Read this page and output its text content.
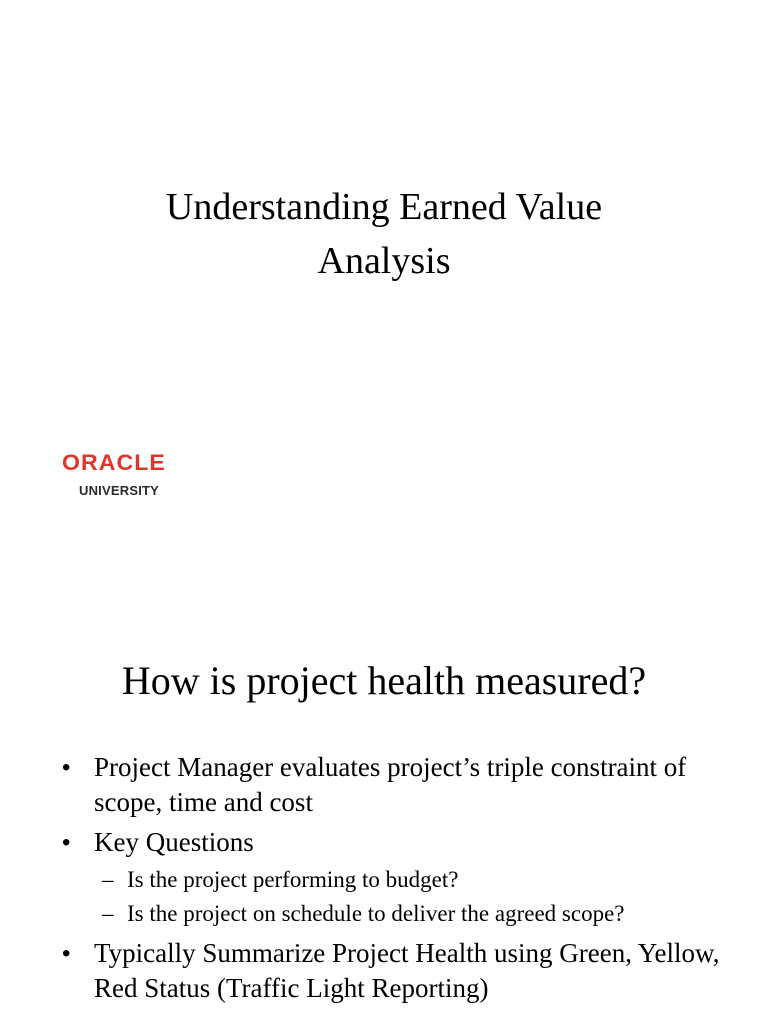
Understanding Earned Value
Analysis
ORACLE
UNIVERSITY
How is project health measured?
• Project Manager evaluates project’s triple constraint of scope, time and cost
• Key Questions
– Is the project performing to budget?
– Is the project on schedule to deliver the agreed scope?
• Typically Summarize Project Health using Green, Yellow, Red Status (Traffic Light Reporting)
